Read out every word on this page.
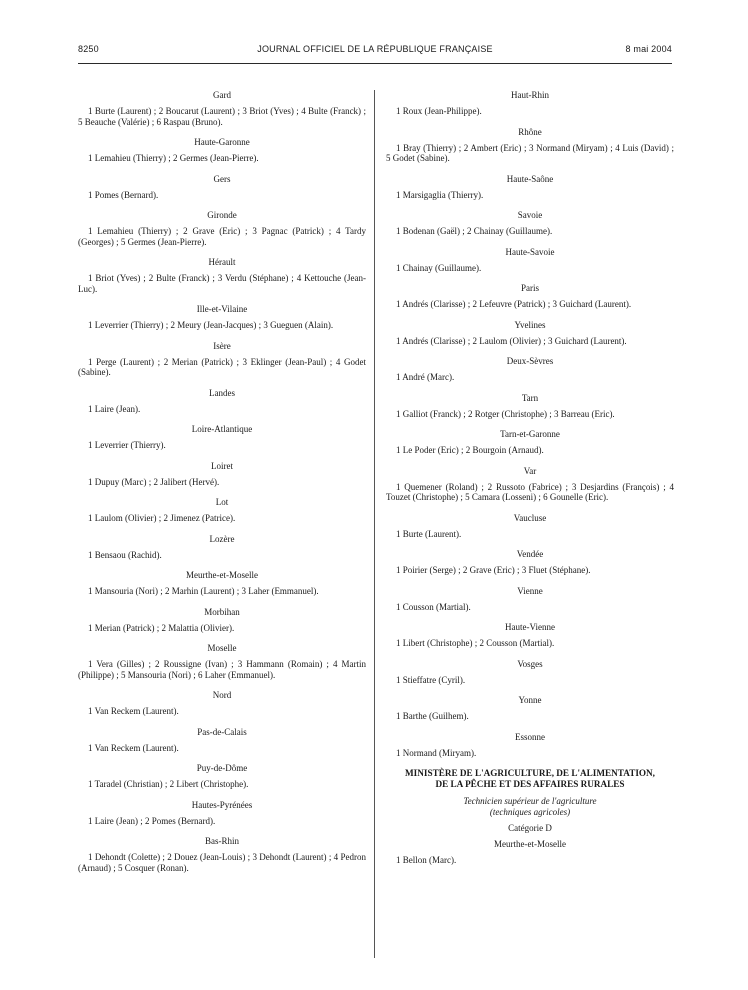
8250	JOURNAL OFFICIEL DE LA RÉPUBLIQUE FRANÇAISE	8 mai 2004
Gard

1 Burte (Laurent) ; 2 Boucarut (Laurent) ; 3 Briot (Yves) ; 4 Bulte (Franck) ; 5 Beauche (Valérie) ; 6 Raspau (Bruno).

Haute-Garonne

1 Lemahieu (Thierry) ; 2 Germes (Jean-Pierre).

Gers

1 Pomes (Bernard).

Gironde

1 Lemahieu (Thierry) ; 2 Grave (Eric) ; 3 Pagnac (Patrick) ; 4 Tardy (Georges) ; 5 Germes (Jean-Pierre).

Hérault

1 Briot (Yves) ; 2 Bulte (Franck) ; 3 Verdu (Stéphane) ; 4 Kettouche (Jean-Luc).

Ille-et-Vilaine

1 Leverrier (Thierry) ; 2 Meury (Jean-Jacques) ; 3 Gueguen (Alain).

Isère

1 Perge (Laurent) ; 2 Merian (Patrick) ; 3 Eklinger (Jean-Paul) ; 4 Godet (Sabine).

Landes

1 Laire (Jean).

Loire-Atlantique

1 Leverrier (Thierry).

Loiret

1 Dupuy (Marc) ; 2 Jalibert (Hervé).

Lot

1 Laulom (Olivier) ; 2 Jimenez (Patrice).

Lozère

1 Bensaou (Rachid).

Meurthe-et-Moselle

1 Mansouria (Nori) ; 2 Marhin (Laurent) ; 3 Laher (Emmanuel).

Morbihan

1 Merian (Patrick) ; 2 Malattia (Olivier).

Moselle

1 Vera (Gilles) ; 2 Roussigne (Ivan) ; 3 Hammann (Romain) ; 4 Martin (Philippe) ; 5 Mansouria (Nori) ; 6 Laher (Emmanuel).

Nord

1 Van Reckem (Laurent).

Pas-de-Calais

1 Van Reckem (Laurent).

Puy-de-Dôme

1 Taradel (Christian) ; 2 Libert (Christophe).

Hautes-Pyrénées

1 Laire (Jean) ; 2 Pomes (Bernard).

Bas-Rhin

1 Dehondt (Colette) ; 2 Douez (Jean-Louis) ; 3 Dehondt (Laurent) ; 4 Pedron (Arnaud) ; 5 Cosquer (Ronan).

Haut-Rhin

1 Roux (Jean-Philippe).

Rhône

1 Bray (Thierry) ; 2 Ambert (Eric) ; 3 Normand (Miryam) ; 4 Luis (David) ; 5 Godet (Sabine).

Haute-Saône

1 Marsigaglia (Thierry).

Savoie

1 Bodenan (Gaël) ; 2 Chainay (Guillaume).

Haute-Savoie

1 Chainay (Guillaume).

Paris

1 Andrés (Clarisse) ; 2 Lefeuvre (Patrick) ; 3 Guichard (Laurent).

Yvelines

1 Andrés (Clarisse) ; 2 Laulom (Olivier) ; 3 Guichard (Laurent).

Deux-Sèvres

1 André (Marc).

Tarn

1 Galliot (Franck) ; 2 Rotger (Christophe) ; 3 Barreau (Eric).

Tarn-et-Garonne

1 Le Poder (Eric) ; 2 Bourgoin (Arnaud).

Var

1 Quemener (Roland) ; 2 Russoto (Fabrice) ; 3 Desjardins (François) ; 4 Touzet (Christophe) ; 5 Camara (Losseni) ; 6 Gounelle (Eric).

Vaucluse

1 Burte (Laurent).

Vendée

1 Poirier (Serge) ; 2 Grave (Eric) ; 3 Fluet (Stéphane).

Vienne

1 Cousson (Martial).

Haute-Vienne

1 Libert (Christophe) ; 2 Cousson (Martial).

Vosges

1 Stieffatre (Cyril).

Yonne

1 Barthe (Guilhem).

Essonne

1 Normand (Miryam).

MINISTÈRE DE L'AGRICULTURE, DE L'ALIMENTATION,
DE LA PÊCHE ET DES AFFAIRES RURALES
Technicien supérieur de l'agriculture
(techniques agricoles)
Catégorie D
Meurthe-et-Moselle

1 Bellon (Marc).
